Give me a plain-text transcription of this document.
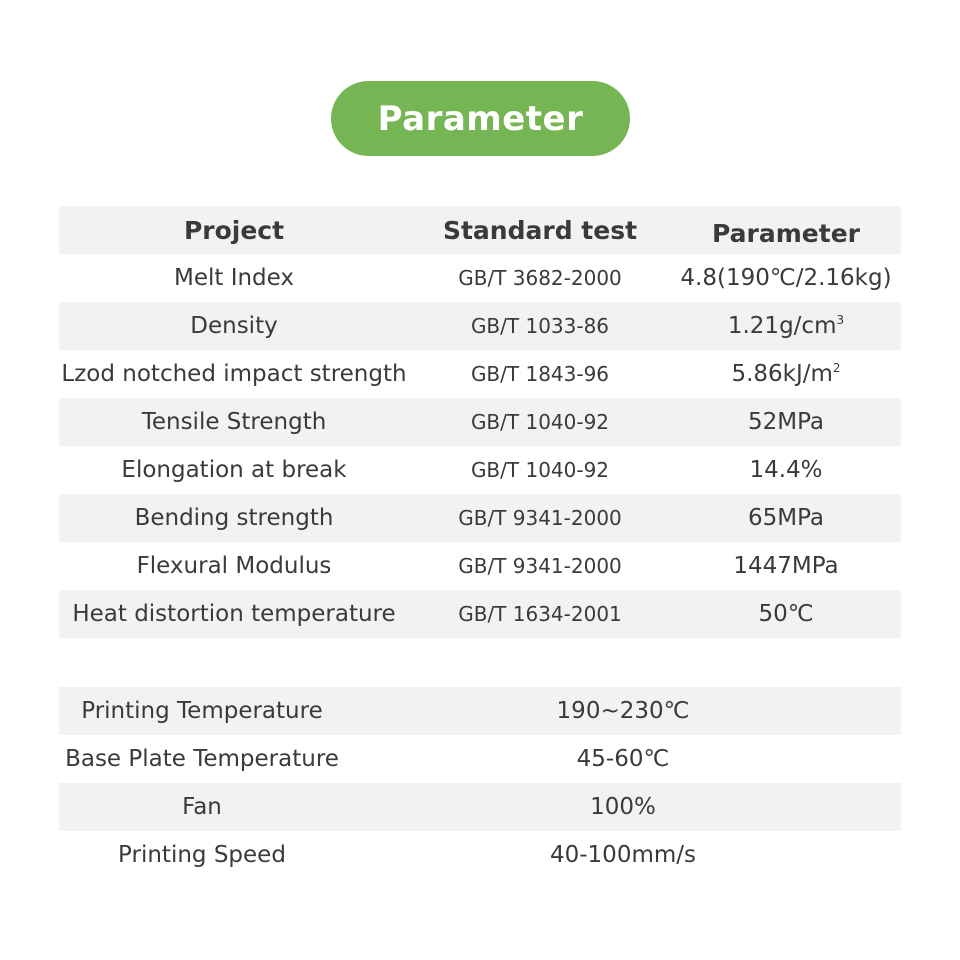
Parameter
Project	Standard test	Parameter
Melt Index	GB/T 3682-2000	4.8(190℃/2.16kg)
Density	GB/T 1033-86	$1.21g/cm^3$
Lzod notched impact strength	GB/T 1843-96	$5.86kJ/m^2$
Tensile Strength	GB/T 1040-92	52MPa
Elongation at break	GB/T 1040-92	14.4%
Bending strength	GB/T 9341-2000	65MPa
Flexural Modulus	GB/T 9341-2000	1447MPa
Heat distortion temperature	GB/T 1634-2001	50℃
Printing Temperature	190~230℃
Base Plate Temperature	45-60℃
Fan	100%
Printing Speed	40-100mm/s
